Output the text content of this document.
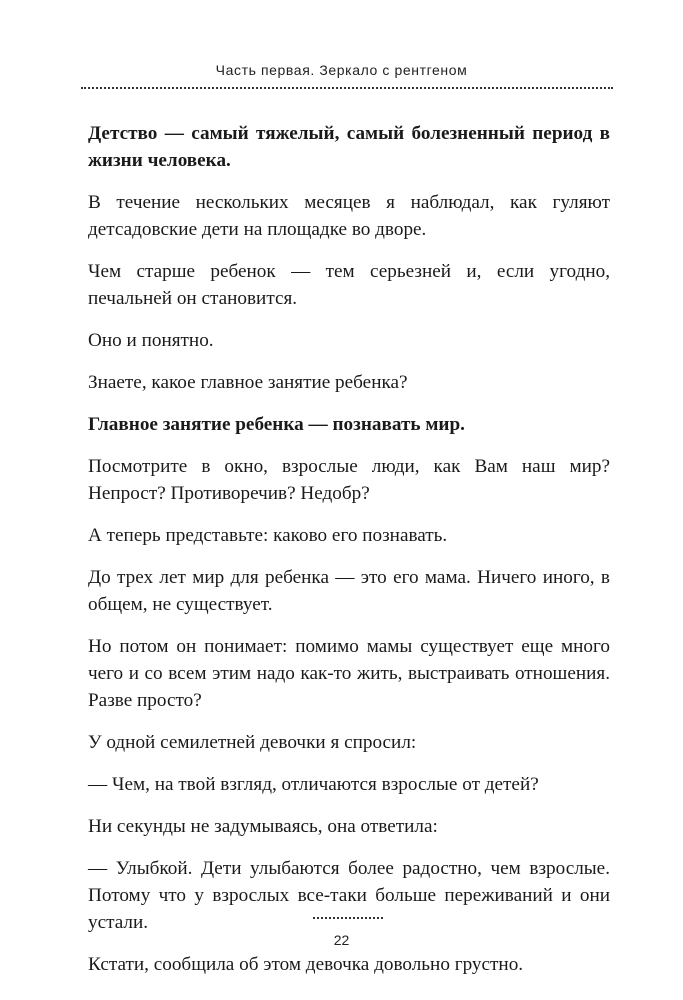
Часть первая. Зеркало с рентгеном

Детство — самый тяжелый, самый болезненный период в жизни человека.

В течение нескольких месяцев я наблюдал, как гуляют детсадовские дети на площадке во дворе.

Чем старше ребенок — тем серьезней и, если угодно, печальней он становится.

Оно и понятно.

Знаете, какое главное занятие ребенка?

Главное занятие ребенка — познавать мир.

Посмотрите в окно, взрослые люди, как Вам наш мир? Непрост? Противоречив? Недобр?

А теперь представьте: каково его познавать.

До трех лет мир для ребенка — это его мама. Ничего иного, в общем, не существует.

Но потом он понимает: помимо мамы существует еще много чего и со всем этим надо как-то жить, выстраивать отношения. Разве просто?

У одной семилетней девочки я спросил:

— Чем, на твой взгляд, отличаются взрослые от детей?

Ни секунды не задумываясь, она ответила:

— Улыбкой. Дети улыбаются более радостно, чем взрослые. Потому что у взрослых все-таки больше переживаний и они устали.

Кстати, сообщила об этом девочка довольно грустно.

22
